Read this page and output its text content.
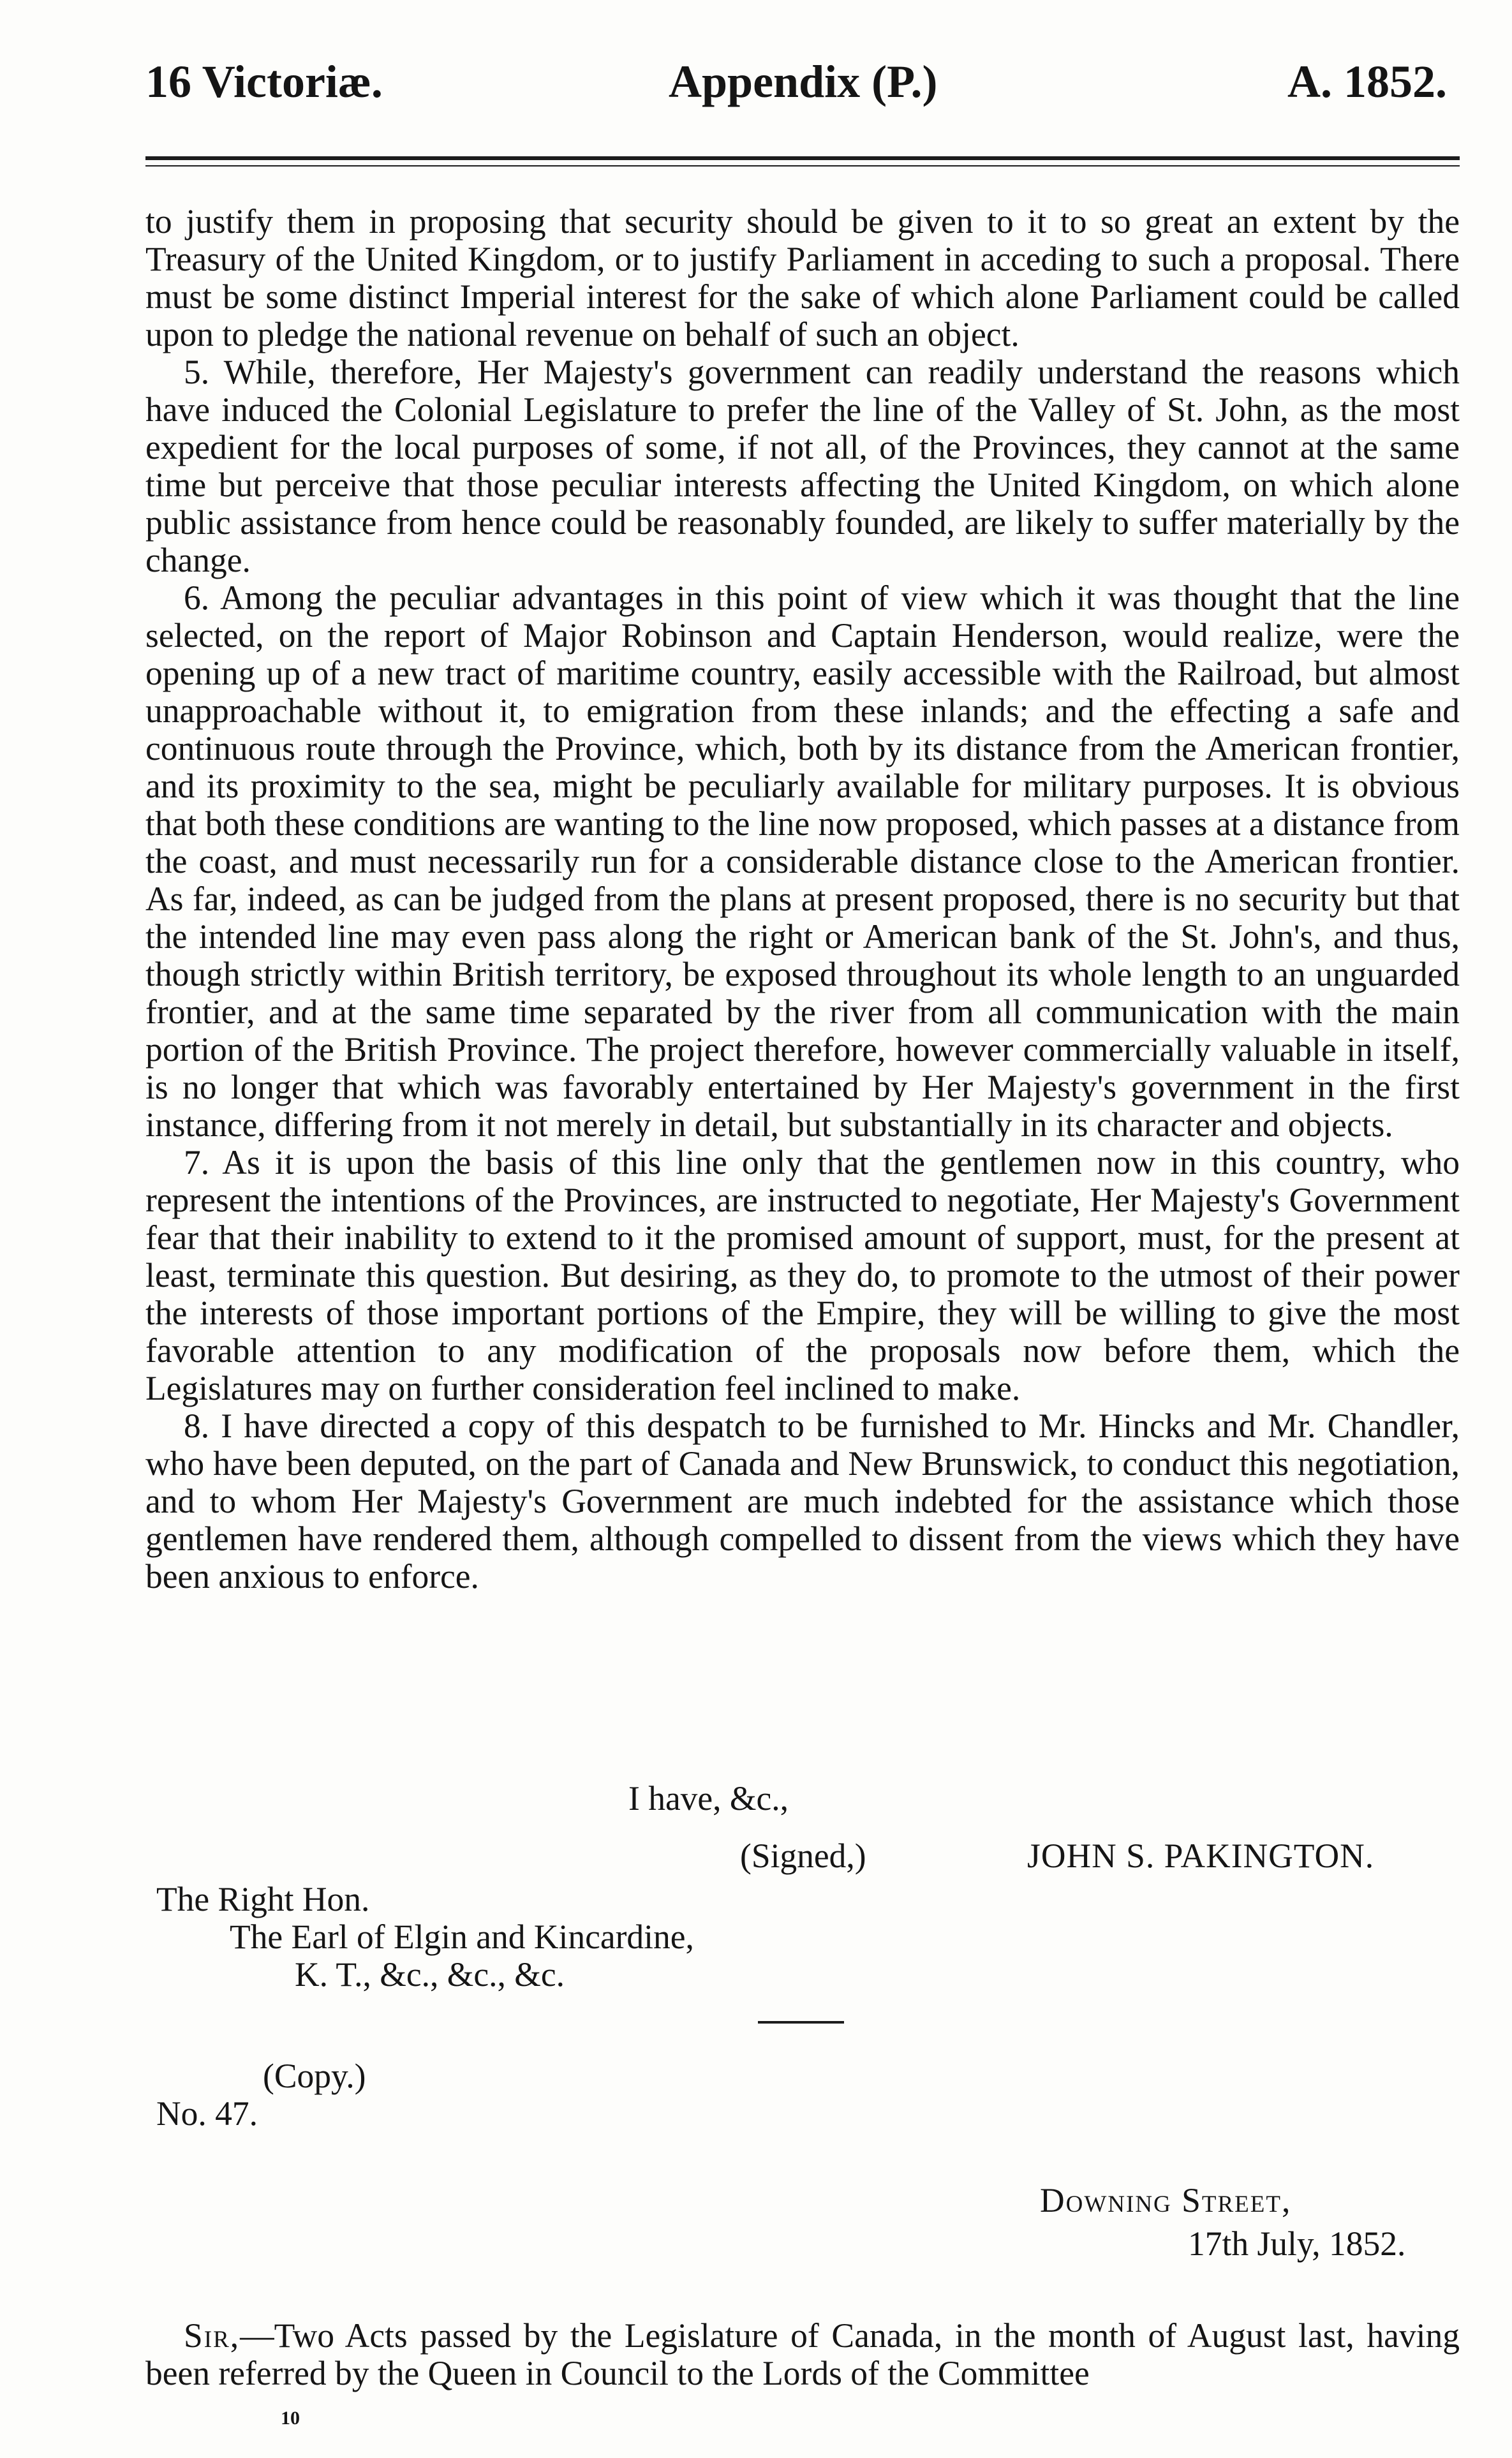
16 Victoriæ.	Appendix (P.)	A. 1852.

to justify them in proposing that security should be given to it to so great an extent by the Treasury of the United Kingdom, or to justify Parliament in acceding to such a proposal. There must be some distinct Imperial interest for the sake of which alone Parliament could be called upon to pledge the national revenue on behalf of such an object.

5. While, therefore, Her Majesty's government can readily understand the reasons which have induced the Colonial Legislature to prefer the line of the Valley of St. John, as the most expedient for the local purposes of some, if not all, of the Provinces, they cannot at the same time but perceive that those peculiar interests affecting the United Kingdom, on which alone public assistance from hence could be reasonably founded, are likely to suffer materially by the change.

6. Among the peculiar advantages in this point of view which it was thought that the line selected, on the report of Major Robinson and Captain Henderson, would realize, were the opening up of a new tract of maritime country, easily accessible with the Railroad, but almost unapproachable without it, to emigration from these inlands; and the effecting a safe and continuous route through the Province, which, both by its distance from the American frontier, and its proximity to the sea, might be peculiarly available for military purposes. It is obvious that both these conditions are wanting to the line now proposed, which passes at a distance from the coast, and must necessarily run for a considerable distance close to the American frontier. As far, indeed, as can be judged from the plans at present proposed, there is no security but that the intended line may even pass along the right or American bank of the St. John's, and thus, though strictly within British territory, be exposed throughout its whole length to an unguarded frontier, and at the same time separated by the river from all communication with the main portion of the British Province. The project therefore, however commercially valuable in itself, is no longer that which was favorably entertained by Her Majesty's government in the first instance, differing from it not merely in detail, but substantially in its character and objects.

7. As it is upon the basis of this line only that the gentlemen now in this country, who represent the intentions of the Provinces, are instructed to negotiate, Her Majesty's Government fear that their inability to extend to it the promised amount of support, must, for the present at least, terminate this question. But desiring, as they do, to promote to the utmost of their power the interests of those important portions of the Empire, they will be willing to give the most favorable attention to any modification of the proposals now before them, which the Legislatures may on further consideration feel inclined to make.

8. I have directed a copy of this despatch to be furnished to Mr. Hincks and Mr. Chandler, who have been deputed, on the part of Canada and New Brunswick, to conduct this negotiation, and to whom Her Majesty's Government are much indebted for the assistance which those gentlemen have rendered them, although compelled to dissent from the views which they have been anxious to enforce.

I have, &c.,
(Signed,)	JOHN S. PAKINGTON.
The Right Hon.
The Earl of Elgin and Kincardine,
K. T., &c., &c., &c.
(Copy.)
No. 47.
Downing Street,
17th July, 1852.

Sir,—Two Acts passed by the Legislature of Canada, in the month of August last, having been referred by the Queen in Council to the Lords of the Committee

10
